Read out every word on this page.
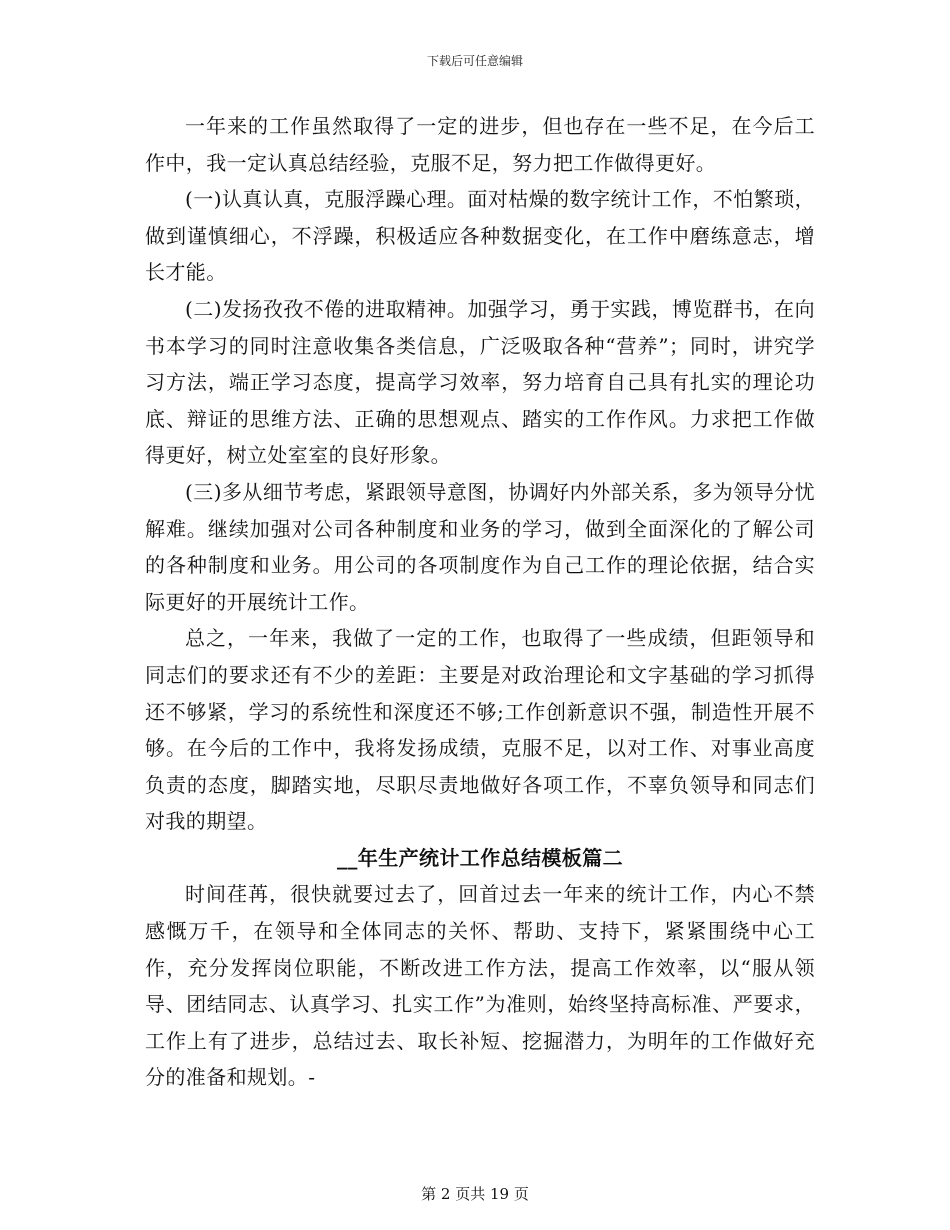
下载后可任意编辑

一年来的工作虽然取得了一定的进步，但也存在一些不足，在今后工作中，我一定认真总结经验，克服不足，努力把工作做得更好。

(一)认真认真，克服浮躁心理。面对枯燥的数字统计工作，不怕繁琐，做到谨慎细心，不浮躁，积极适应各种数据变化，在工作中磨练意志，增长才能。

(二)发扬孜孜不倦的进取精神。加强学习，勇于实践，博览群书，在向书本学习的同时注意收集各类信息，广泛吸取各种“营养”；同时，讲究学习方法，端正学习态度，提高学习效率，努力培育自己具有扎实的理论功底、辩证的思维方法、正确的思想观点、踏实的工作作风。力求把工作做得更好，树立处室室的良好形象。

(三)多从细节考虑，紧跟领导意图，协调好内外部关系，多为领导分忧解难。继续加强对公司各种制度和业务的学习，做到全面深化的了解公司的各种制度和业务。用公司的各项制度作为自己工作的理论依据，结合实际更好的开展统计工作。

总之，一年来，我做了一定的工作，也取得了一些成绩，但距领导和同志们的要求还有不少的差距：主要是对政治理论和文字基础的学习抓得还不够紧，学习的系统性和深度还不够;工作创新意识不强，制造性开展不够。在今后的工作中，我将发扬成绩，克服不足，以对工作、对事业高度负责的态度，脚踏实地，尽职尽责地做好各项工作，不辜负领导和同志们对我的期望。

__年生产统计工作总结模板篇二

时间荏苒，很快就要过去了，回首过去一年来的统计工作，内心不禁感慨万千，在领导和全体同志的关怀、帮助、支持下，紧紧围绕中心工作，充分发挥岗位职能，不断改进工作方法，提高工作效率，以“服从领导、团结同志、认真学习、扎实工作”为准则，始终坚持高标准、严要求，工作上有了进步，总结过去、取长补短、挖掘潜力，为明年的工作做好充分的准备和规划。-

第 2 页共 19 页
